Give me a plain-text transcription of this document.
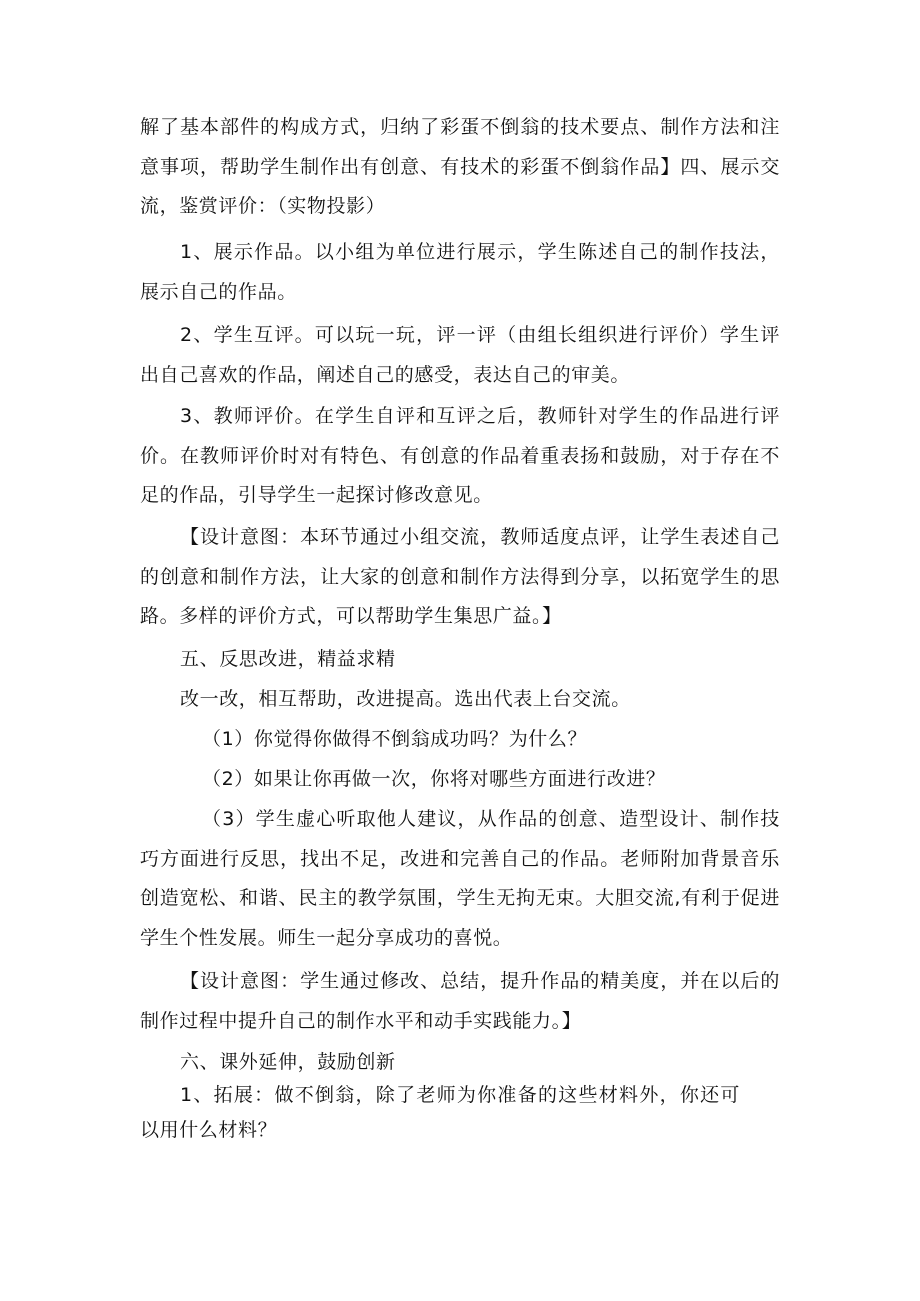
解了基本部件的构成方式，归纳了彩蛋不倒翁的技术要点、制作方法和注意事项，帮助学生制作出有创意、有技术的彩蛋不倒翁作品】四、展示交流，鉴赏评价：（实物投影）

1、展示作品。以小组为单位进行展示，学生陈述自己的制作技法，展示自己的作品。

2、学生互评。可以玩一玩，评一评（由组长组织进行评价）学生评出自己喜欢的作品，阐述自己的感受，表达自己的审美。

3、教师评价。在学生自评和互评之后，教师针对学生的作品进行评价。在教师评价时对有特色、有创意的作品着重表扬和鼓励，对于存在不足的作品，引导学生一起探讨修改意见。

【设计意图：本环节通过小组交流，教师适度点评，让学生表述自己的创意和制作方法，让大家的创意和制作方法得到分享，以拓宽学生的思路。多样的评价方式，可以帮助学生集思广益。】

五、反思改进，精益求精

改一改，相互帮助，改进提高。选出代表上台交流。

（1）你觉得你做得不倒翁成功吗？为什么？

（2）如果让你再做一次，你将对哪些方面进行改进？

（3）学生虚心听取他人建议，从作品的创意、造型设计、制作技巧方面进行反思，找出不足，改进和完善自己的作品。老师附加背景音乐创造宽松、和谐、民主的教学氛围，学生无拘无束。大胆交流,有利于促进学生个性发展。师生一起分享成功的喜悦。

【设计意图：学生通过修改、总结，提升作品的精美度，并在以后的制作过程中提升自己的制作水平和动手实践能力。】

六、课外延伸，鼓励创新

1、拓展：做不倒翁，除了老师为你准备的这些材料外，你还可以用什么材料？
